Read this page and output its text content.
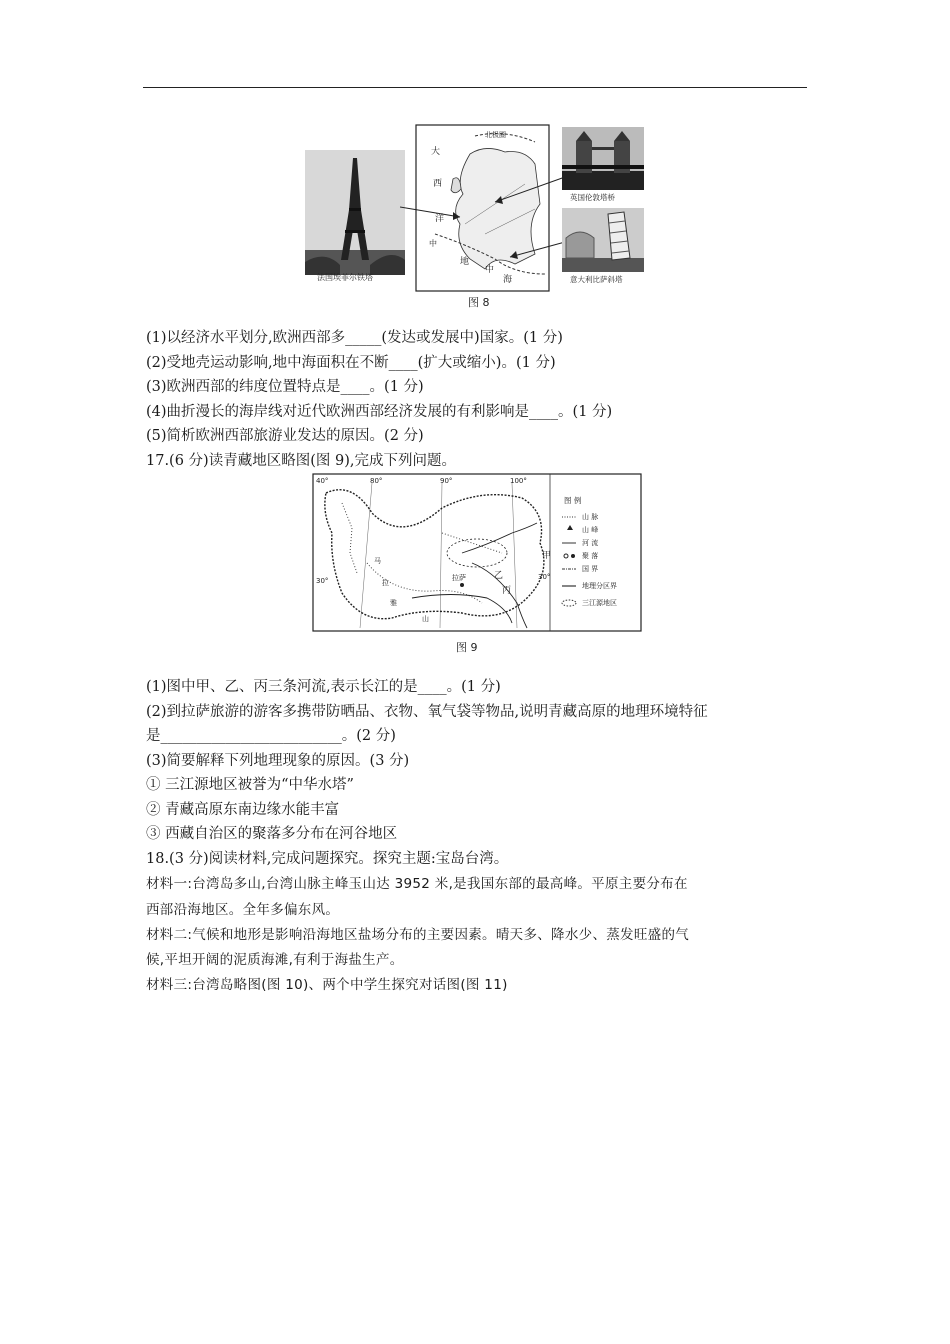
法国埃菲尔铁塔
北极圈
大
西
洋
中
地
中
海
英国伦敦塔桥
意大利比萨斜塔
图 8
(1)以经济水平划分,欧洲西部多_____(发达或发展中)国家。(1 分)
(2)受地壳运动影响,地中海面积在不断____(扩大或缩小)。(1 分)
(3)欧洲西部的纬度位置特点是____。(1 分)
(4)曲折漫长的海岸线对近代欧洲西部经济发展的有利影响是____。(1 分)
(5)简析欧洲西部旅游业发达的原因。(2 分)
17.(6 分)读青藏地区略图(图 9),完成下列问题。
40°
30°	30°
80°	90°	100°
甲
乙
丙
拉萨
马
拉
雅
山
图 例
山 脉
山 峰
河 流
聚 落
国 界
地理分区界
三江源地区
图 9
(1)图中甲、乙、丙三条河流,表示长江的是____。(1 分)
(2)到拉萨旅游的游客多携带防晒品、衣物、氧气袋等物品,说明青藏高原的地理环境特征
是_________________________。(2 分)
(3)简要解释下列地理现象的原因。(3 分)
① 三江源地区被誉为“中华水塔”
② 青藏高原东南边缘水能丰富
③ 西藏自治区的聚落多分布在河谷地区
18.(3 分)阅读材料,完成问题探究。探究主题:宝岛台湾。
材料一:台湾岛多山,台湾山脉主峰玉山达 3952 米,是我国东部的最高峰。平原主要分布在
西部沿海地区。全年多偏东风。
材料二:气候和地形是影响沿海地区盐场分布的主要因素。晴天多、降水少、蒸发旺盛的气
候,平坦开阔的泥质海滩,有利于海盐生产。
材料三:台湾岛略图(图 10)、两个中学生探究对话图(图 11)
